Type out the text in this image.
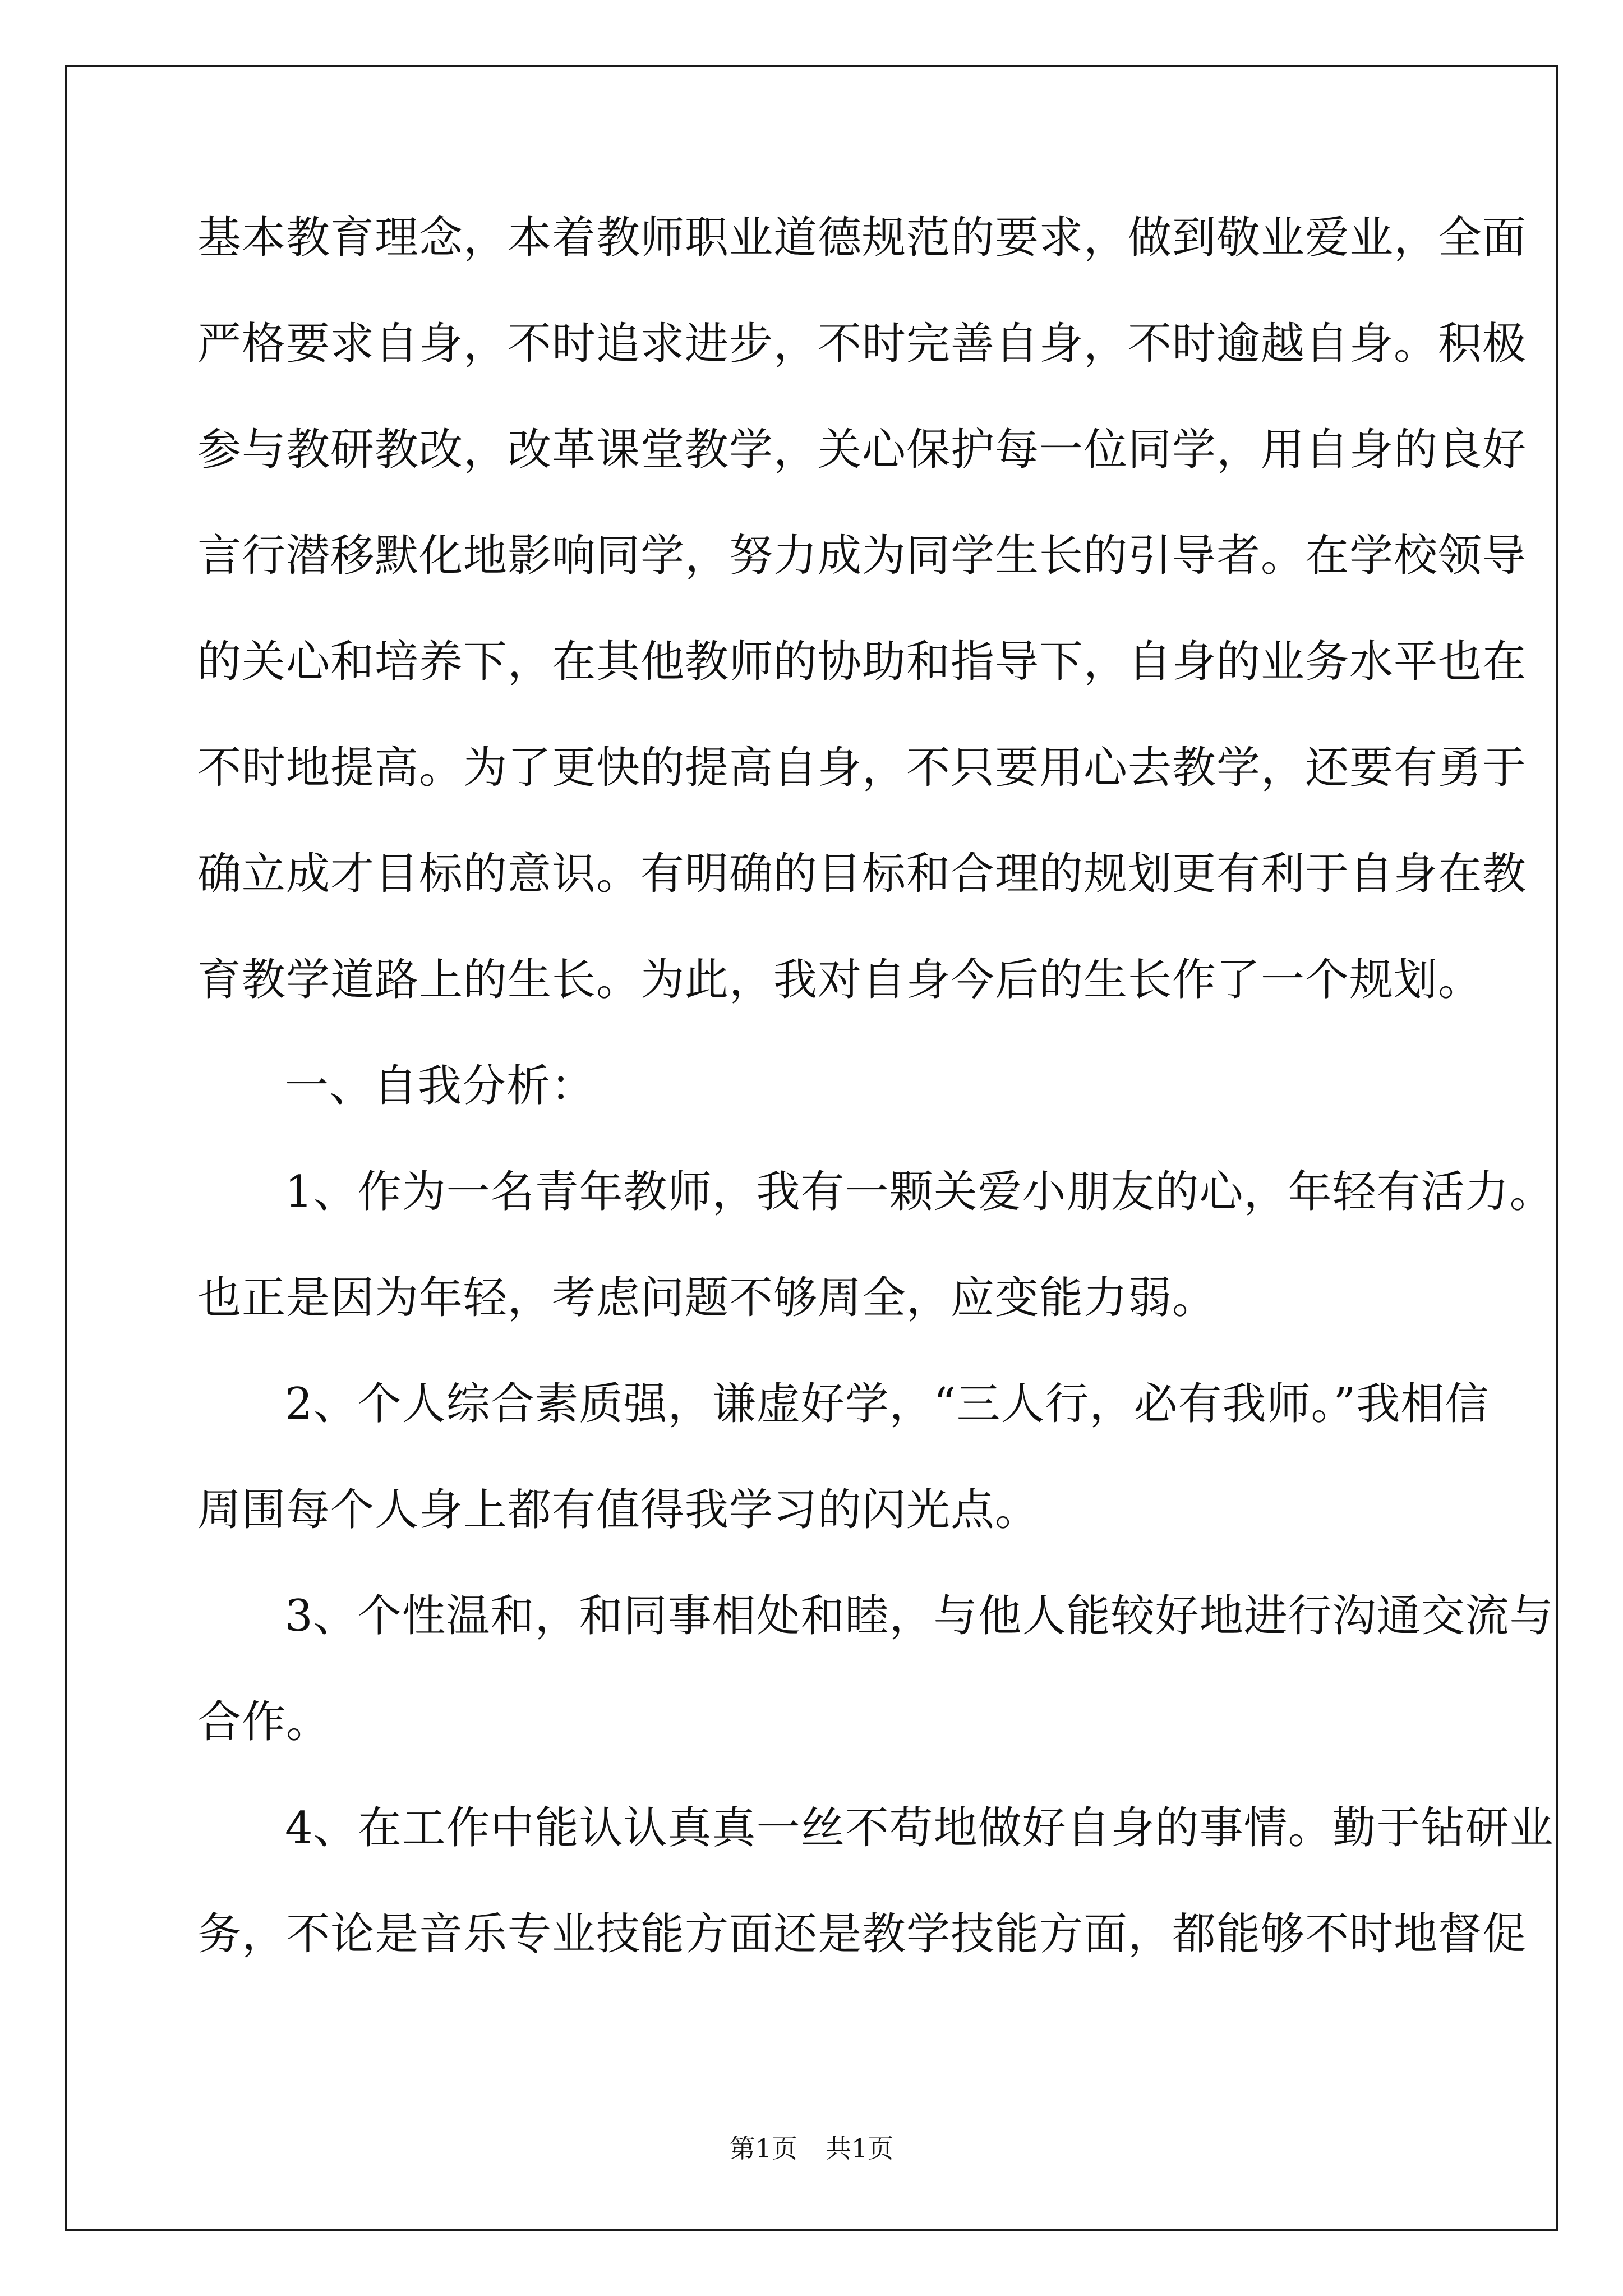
基本教育理念，本着教师职业道德规范的要求，做到敬业爱业，全面
严格要求自身，不时追求进步，不时完善自身，不时逾越自身。积极
参与教研教改，改革课堂教学，关心保护每一位同学，用自身的良好
言行潜移默化地影响同学，努力成为同学生长的引导者。在学校领导
的关心和培养下，在其他教师的协助和指导下，自身的业务水平也在
不时地提高。为了更快的提高自身，不只要用心去教学，还要有勇于
确立成才目标的意识。有明确的目标和合理的规划更有利于自身在教
育教学道路上的生长。为此，我对自身今后的生长作了一个规划。
一、自我分析：
1、作为一名青年教师，我有一颗关爱小朋友的心，年轻有活力。
也正是因为年轻，考虑问题不够周全，应变能力弱。
2、个人综合素质强，谦虚好学，“三人行，必有我师。”我相信
周围每个人身上都有值得我学习的闪光点。
3、个性温和，和同事相处和睦，与他人能较好地进行沟通交流与
合作。
4、在工作中能认认真真一丝不苟地做好自身的事情。勤于钻研业
务，不论是音乐专业技能方面还是教学技能方面，都能够不时地督促
第1页 共1页
